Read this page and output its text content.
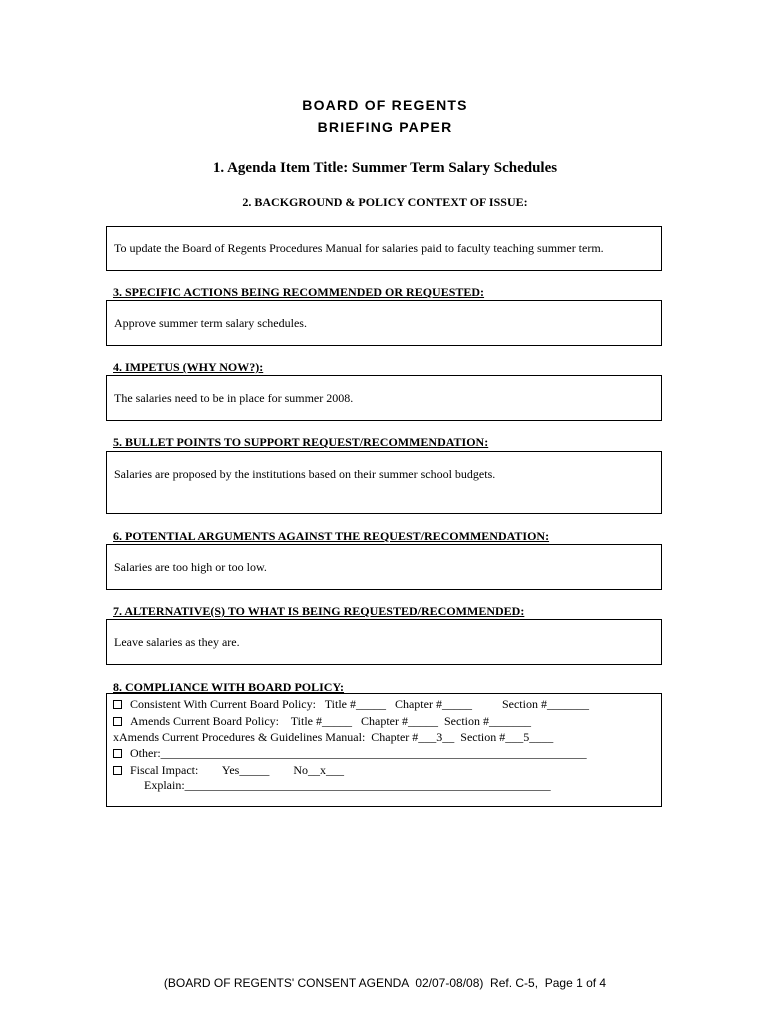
BOARD OF REGENTS
BRIEFING PAPER
1. Agenda Item Title: Summer Term Salary Schedules
2. BACKGROUND & POLICY CONTEXT OF ISSUE:
To update the Board of Regents Procedures Manual for salaries paid to faculty teaching summer term.
3. SPECIFIC ACTIONS BEING RECOMMENDED OR REQUESTED:
Approve summer term salary schedules.
4. IMPETUS (WHY NOW?):
The salaries need to be in place for summer 2008.
5. BULLET POINTS TO SUPPORT REQUEST/RECOMMENDATION:
Salaries are proposed by the institutions based on their summer school budgets.
6. POTENTIAL ARGUMENTS AGAINST THE REQUEST/RECOMMENDATION:
Salaries are too high or too low.
7. ALTERNATIVE(S) TO WHAT IS BEING REQUESTED/RECOMMENDED:
Leave salaries as they are.
8. COMPLIANCE WITH BOARD POLICY:
Consistent With Current Board Policy:   Title #_____   Chapter #_____          Section #_______
Amends Current Board Policy:    Title #_____   Chapter #_____  Section #_______
xAmends Current Procedures & Guidelines Manual:  Chapter #___3__  Section #___5____
Other:_______________________________________________________________________
Fiscal Impact:        Yes_____        No__x___
Explain:_____________________________________________________________
(BOARD OF REGENTS' CONSENT AGENDA  02/07-08/08)  Ref. C-5,  Page 1 of 4
